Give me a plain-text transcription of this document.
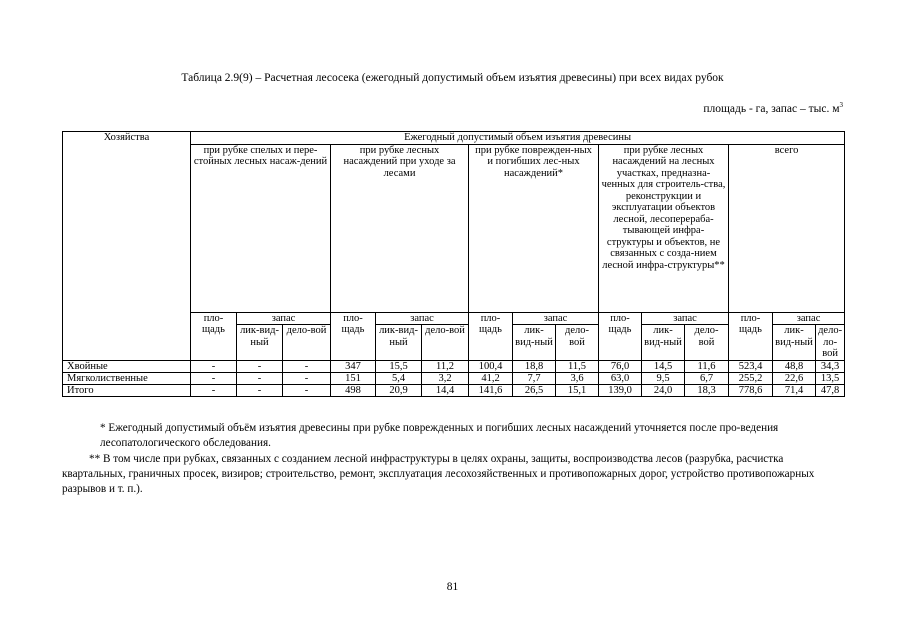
Таблица 2.9(9) – Расчетная лесосека (ежегодный допустимый объем изъятия древесины) при всех видах рубок
площадь - га, запас – тыс. $м^3$
Хозяйства	Ежегодный допустимый объем изъятия древесины														
	при рубке спелых и пере-стойных лесных насаж-дений			при рубке лесных насаждений при уходе за лесами			при рубке поврежден-ных и погибших лес-ных насаждений*			при рубке лесных насаждений на лесных участках, предназна-ченных для строитель-ства, реконструкции и эксплуатации объектов лесной, лесоперераба-тывающей инфра-структуры и объектов, не связанных с созда-нием лесной инфра-структуры**			всего		
	пло-щадь	запас		пло-щадь	запас		пло-щадь	запас		пло-щадь	запас		пло-щадь	запас	
		лик-вид-ный	дело-вой		лик-вид-ный	дело-вой		лик-вид-ный	дело-вой		лик-вид-ный	дело-вой		лик-вид-ный	дело-ло-вой
Хвойные	-	-	-	347	15,5	11,2	100,4	18,8	11,5	76,0	14,5	11,6	523,4	48,8	34,3
Мягколиственные	-	-	-	151	5,4	3,2	41,2	7,7	3,6	63,0	9,5	6,7	255,2	22,6	13,5
Итого	-	-	-	498	20,9	14,4	141,6	26,5	15,1	139,0	24,0	18,3	778,6	71,4	47,8
* Ежегодный допустимый объём изъятия древесины при рубке поврежденных и погибших лесных насаждений уточняется после про-ведения лесопатологического обследования.
** В том числе при рубках, связанных с созданием лесной инфраструктуры в целях охраны, защиты, воспроизводства лесов (разрубка, расчистка квартальных, граничных просек, визиров; строительство, ремонт, эксплуатация лесохозяйственных и противопожарных дорог, устройство противопожарных разрывов и т. п.).
81
